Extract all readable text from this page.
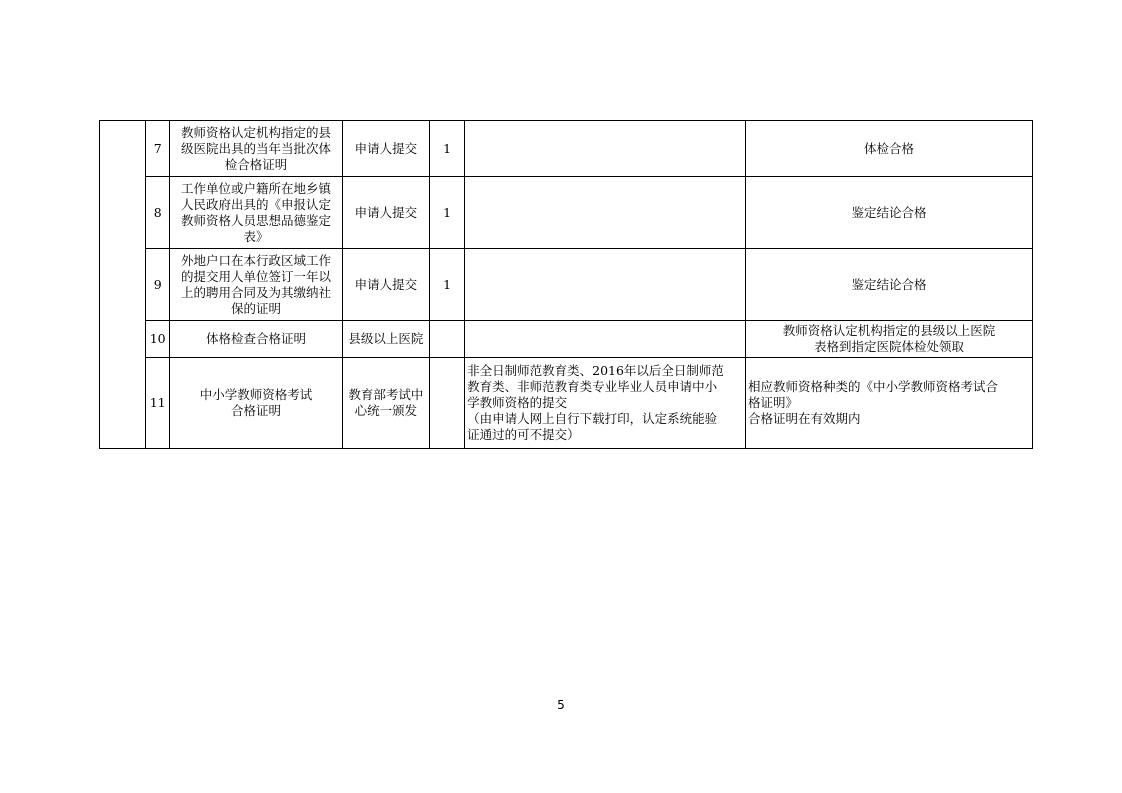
	7	教师资格认定机构指定的县
级医院出具的当年当批次体
检合格证明	申请人提交	1		体检合格

	8	工作单位或户籍所在地乡镇
人民政府出具的《申报认定
教师资格人员思想品德鉴定
表》	申请人提交	1		鉴定结论合格

	9	外地户口在本行政区域工作
的提交用人单位签订一年以
上的聘用合同及为其缴纳社
保的证明	申请人提交	1		鉴定结论合格

	10	体格检查合格证明	县级以上医院			教师资格认定机构指定的县级以上医院
表格到指定医院体检处领取

	11	中小学教师资格考试
合格证明	教育部考试中
心统一颁发		非全日制师范教育类、2016年以后全日制师范
教育类、非师范教育类专业毕业人员申请中小
学教师资格的提交
（由申请人网上自行下载打印，认定系统能验
证通过的可不提交）	相应教师资格种类的《中小学教师资格考试合
格证明》
合格证明在有效期内
5
